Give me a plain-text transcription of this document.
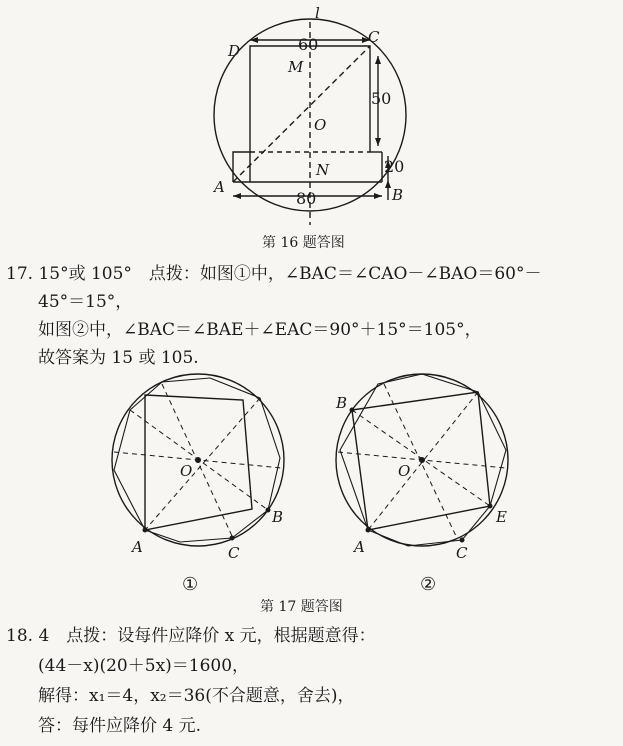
l
D
C
M
O
N
A	B
60
50
20
80
第 16 题答图
17. 15°或 105°　点拨：如图①中，∠BAC＝∠CAO－∠BAO＝60°－
45°＝15°，
如图②中，∠BAC＝∠BAE＋∠EAC＝90°＋15°＝105°，
故答案为 15 或 105.
O
A
B
C
①
O
A
B
C
E
②
第 17 题答图
18. 4　点拨：设每件应降价 x 元，根据题意得：
(44－x)(20＋5x)＝1600，
解得：x₁＝4，x₂＝36(不合题意，舍去)，
答：每件应降价 4 元.
